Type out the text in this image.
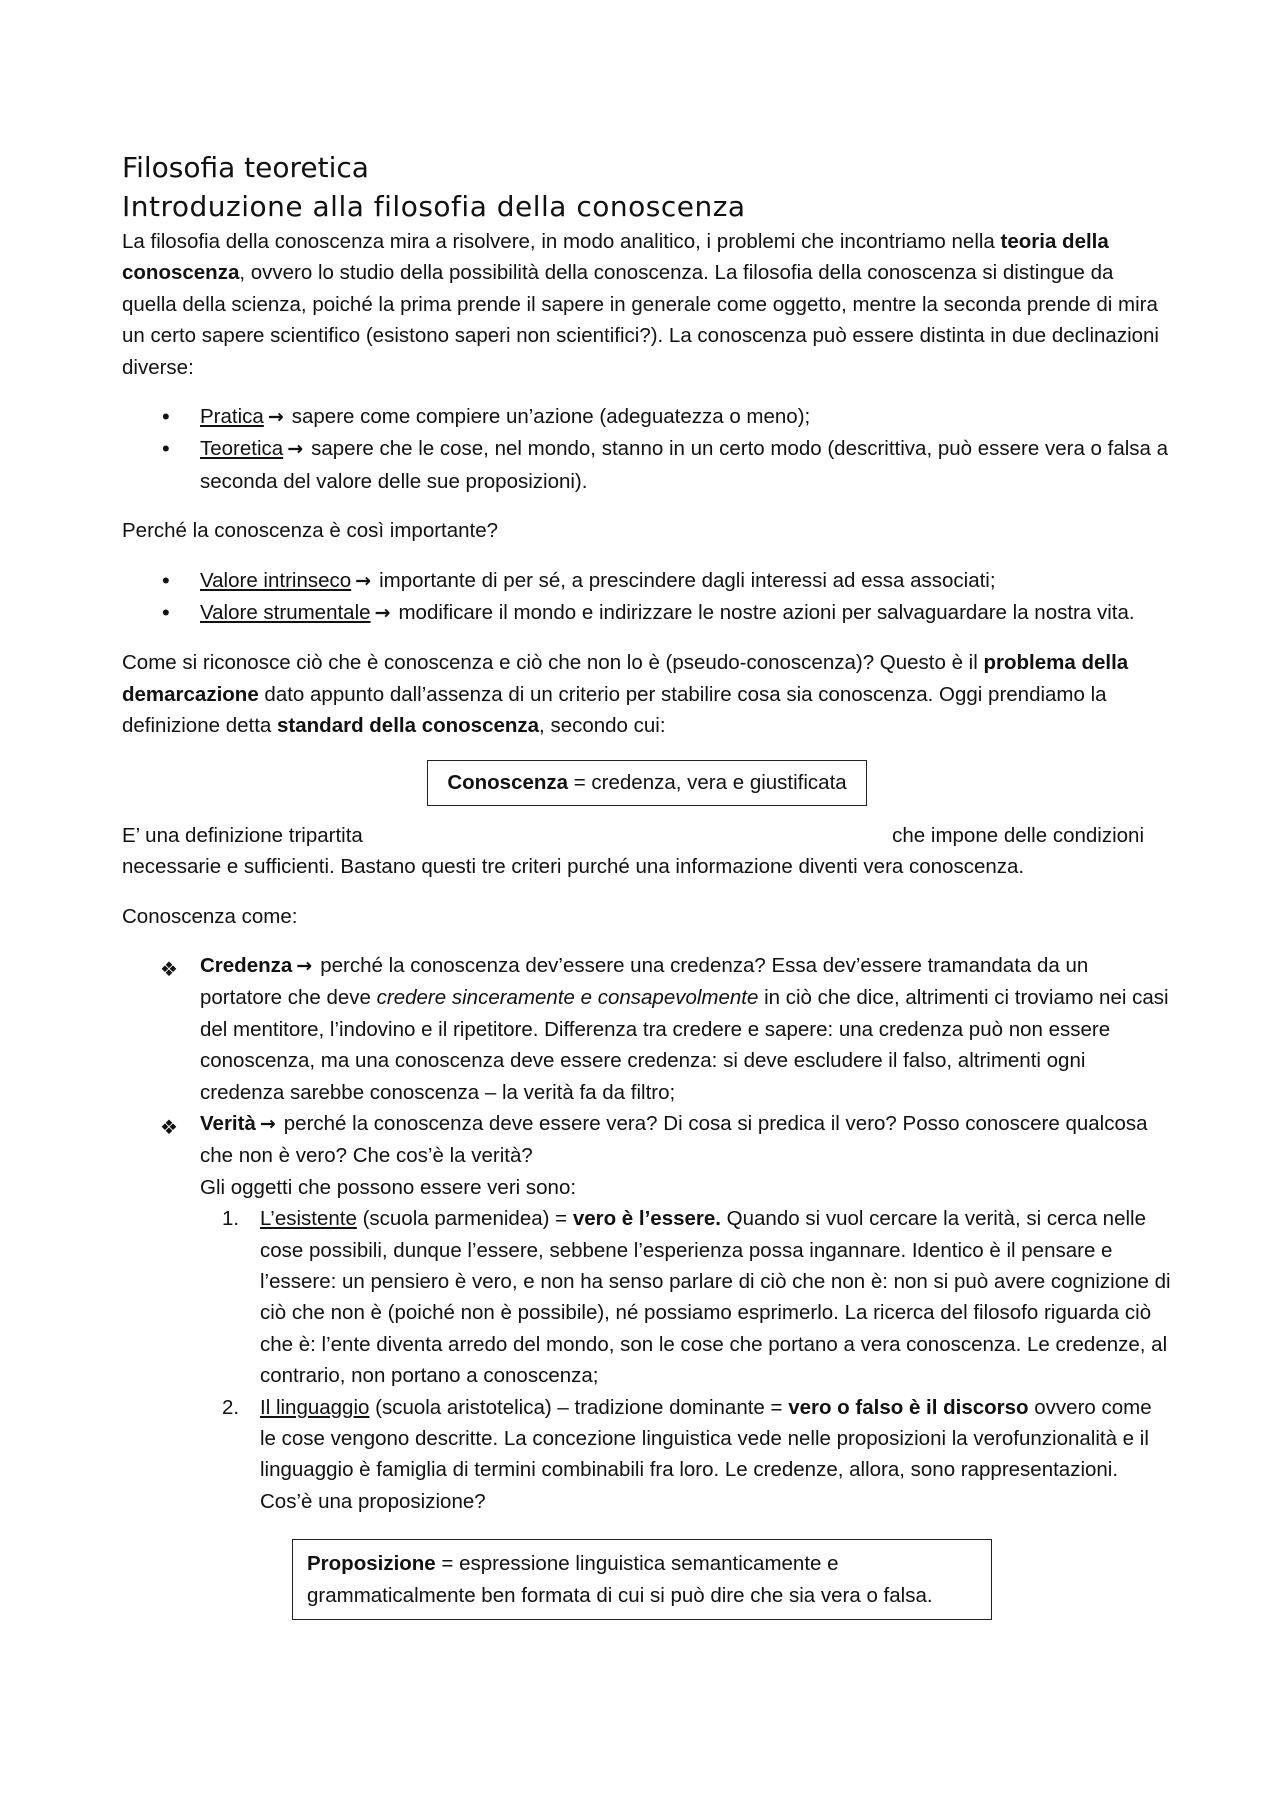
Filosofia teoretica
Introduzione alla filosofia della conoscenza

La filosofia della conoscenza mira a risolvere, in modo analitico, i problemi che incontriamo nella teoria della conoscenza, ovvero lo studio della possibilità della conoscenza. La filosofia della conoscenza si distingue da quella della scienza, poiché la prima prende il sapere in generale come oggetto, mentre la seconda prende di mira un certo sapere scientifico (esistono saperi non scientifici?). La conoscenza può essere distinta in due declinazioni diverse:

• Pratica → sapere come compiere un’azione (adeguatezza o meno);
• Teoretica → sapere che le cose, nel mondo, stanno in un certo modo (descrittiva, può essere vera o falsa a seconda del valore delle sue proposizioni).

Perché la conoscenza è così importante?

• Valore intrinseco → importante di per sé, a prescindere dagli interessi ad essa associati;
• Valore strumentale → modificare il mondo e indirizzare le nostre azioni per salvaguardare la nostra vita.

Come si riconosce ciò che è conoscenza e ciò che non lo è (pseudo-conoscenza)? Questo è il problema della demarcazione dato appunto dall’assenza di un criterio per stabilire cosa sia conoscenza. Oggi prendiamo la definizione detta standard della conoscenza, secondo cui:

Conoscenza = credenza, vera e giustificata

E’ una definizione tripartita	che impone delle condizioni
necessarie e sufficienti. Bastano questi tre criteri purché una informazione diventi vera conoscenza.

Conoscenza come:

❖ Credenza → perché la conoscenza dev’essere una credenza? Essa dev’essere tramandata da un portatore che deve credere sinceramente e consapevolmente in ciò che dice, altrimenti ci troviamo nei casi del mentitore, l’indovino e il ripetitore. Differenza tra credere e sapere: una credenza può non essere conoscenza, ma una conoscenza deve essere credenza: si deve escludere il falso, altrimenti ogni credenza sarebbe conoscenza – la verità fa da filtro;
❖ Verità → perché la conoscenza deve essere vera? Di cosa si predica il vero? Posso conoscere qualcosa che non è vero? Che cos’è la verità?
Gli oggetti che possono essere veri sono:
1. L’esistente (scuola parmenidea) = vero è l’essere. Quando si vuol cercare la verità, si cerca nelle cose possibili, dunque l’essere, sebbene l’esperienza possa ingannare. Identico è il pensare e l’essere: un pensiero è vero, e non ha senso parlare di ciò che non è: non si può avere cognizione di ciò che non è (poiché non è possibile), né possiamo esprimerlo. La ricerca del filosofo riguarda ciò che è: l’ente diventa arredo del mondo, son le cose che portano a vera conoscenza. Le credenze, al contrario, non portano a conoscenza;
2. Il linguaggio (scuola aristotelica) – tradizione dominante = vero o falso è il discorso ovvero come le cose vengono descritte. La concezione linguistica vede nelle proposizioni la verofunzionalità e il linguaggio è famiglia di termini combinabili fra loro. Le credenze, allora, sono rappresentazioni. Cos’è una proposizione?
Proposizione = espressione linguistica semanticamente e grammaticalmente ben formata di cui si può dire che sia vera o falsa.
